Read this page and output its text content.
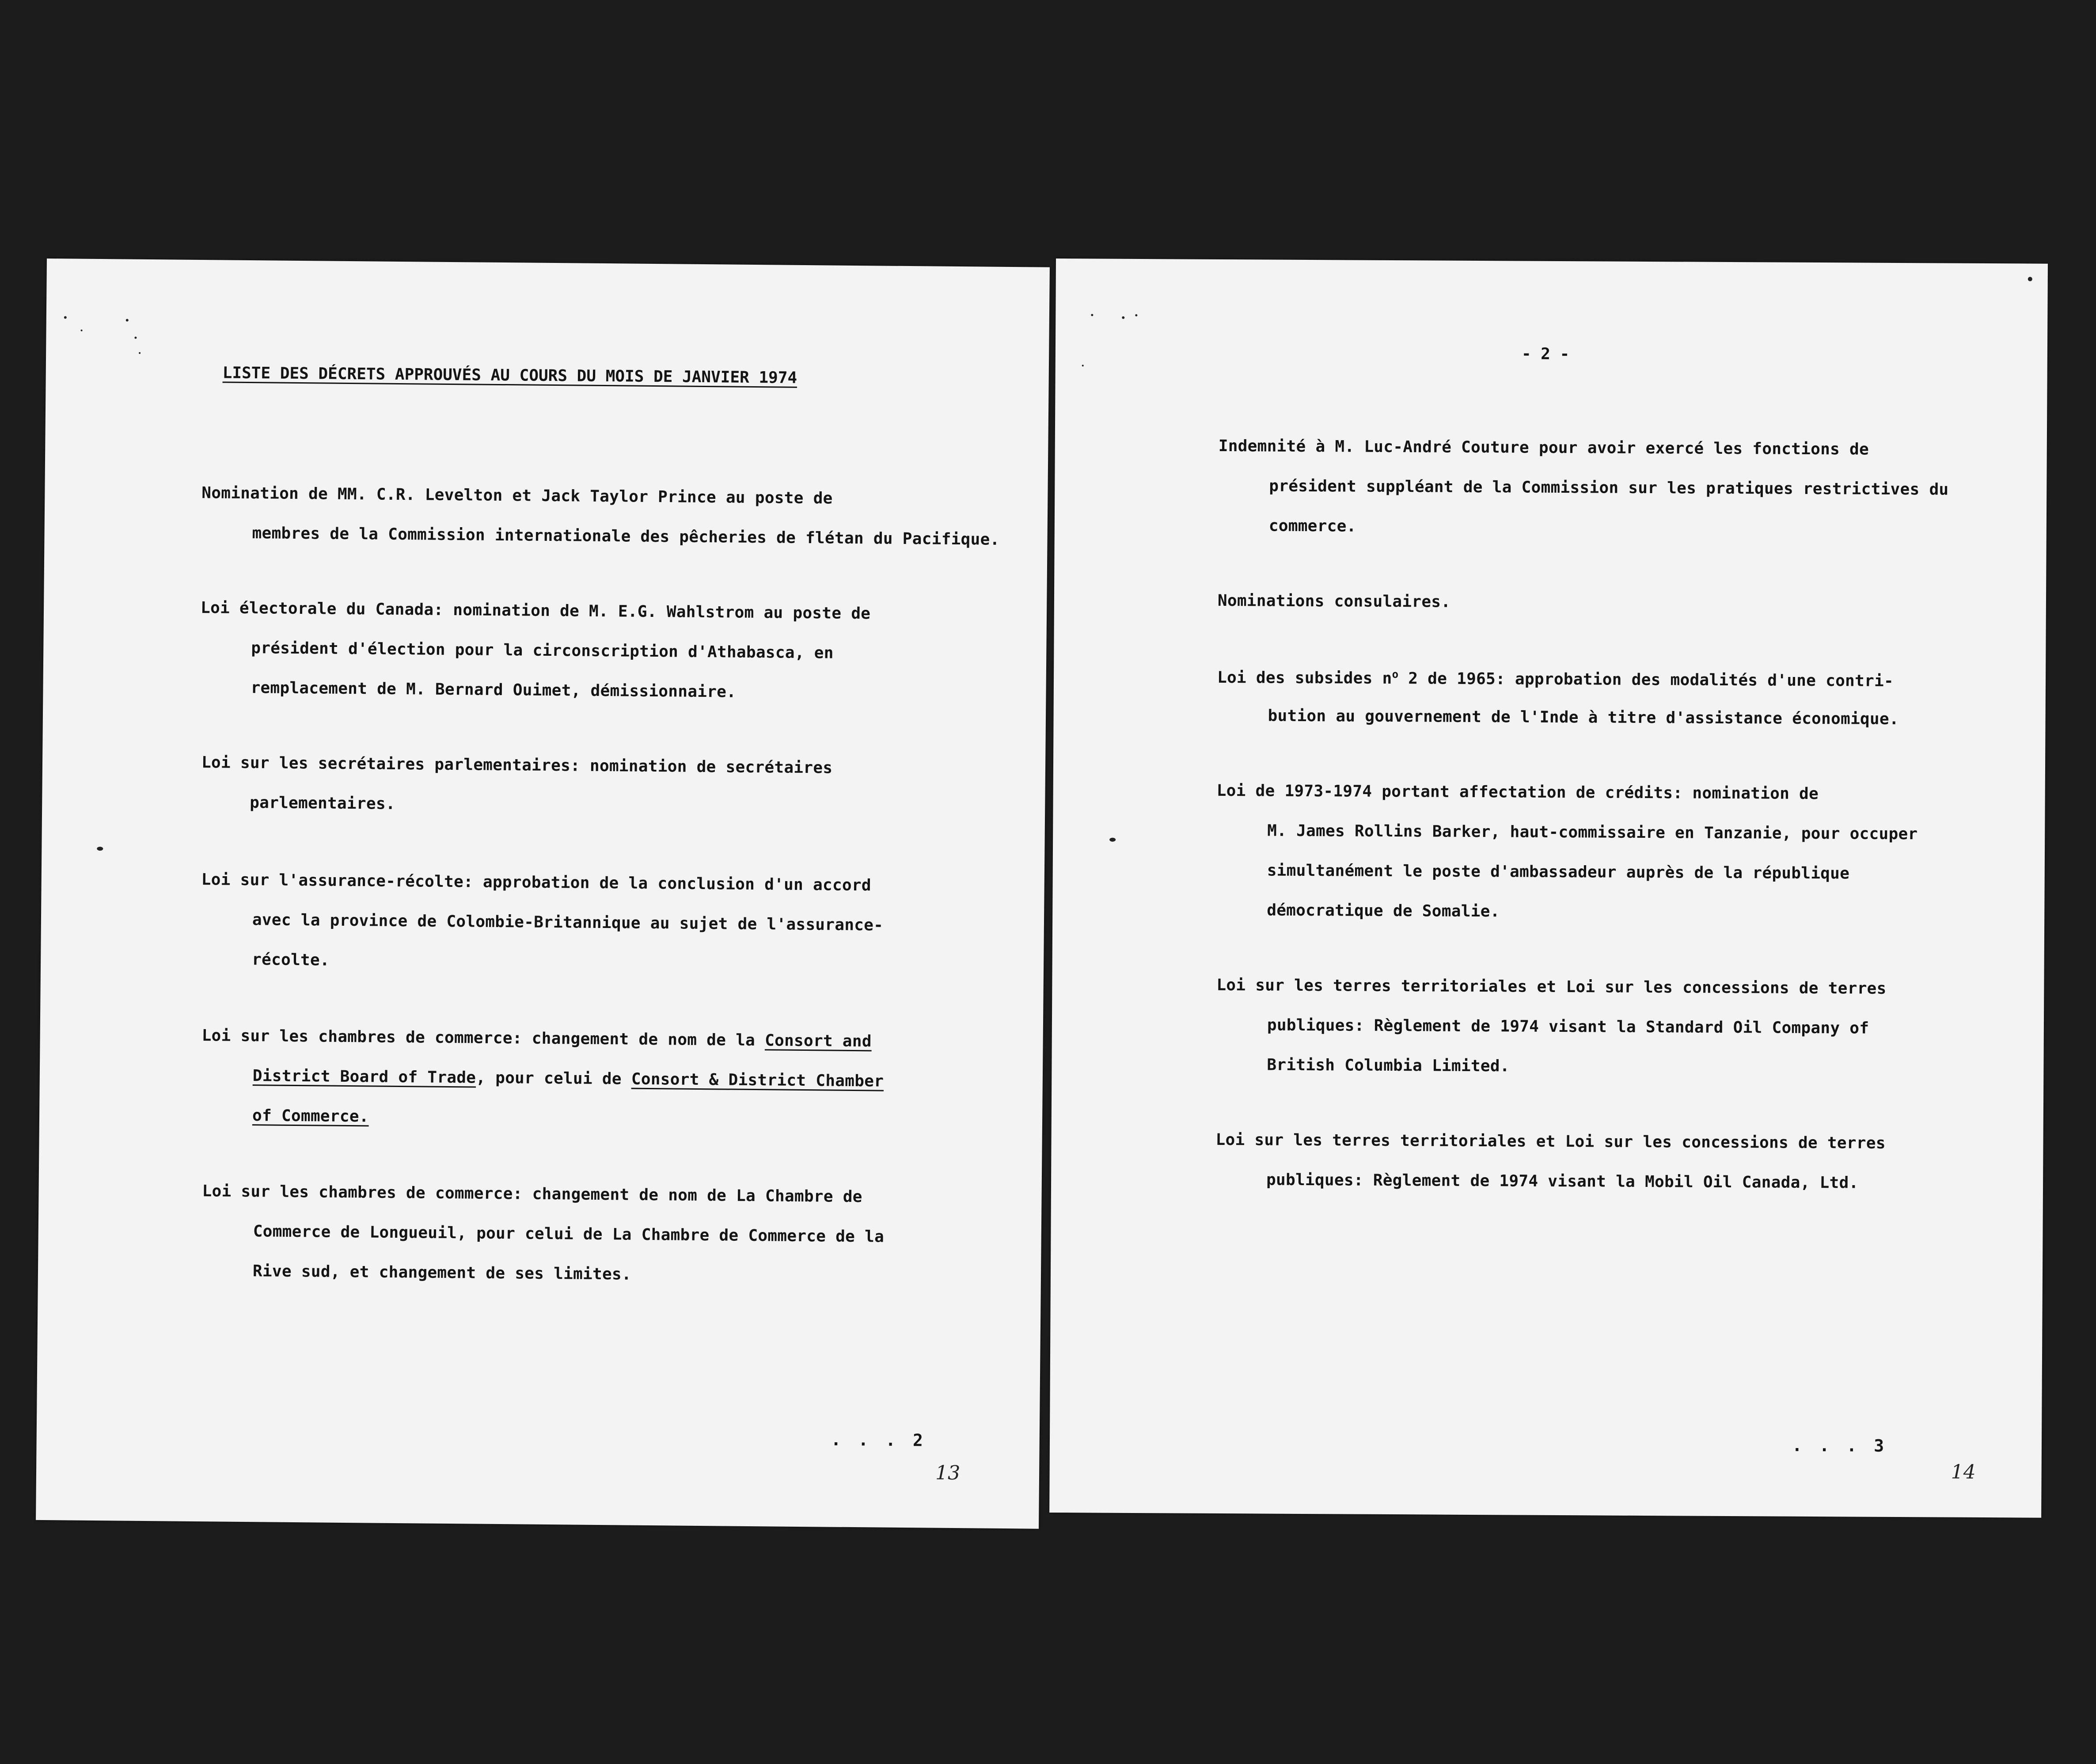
LISTE DES DÉCRETS APPROUVÉS AU COURS DU MOIS DE JANVIER 1974
Nomination de MM. C.R. Levelton et Jack Taylor Prince au poste de
membres de la Commission internationale des pêcheries de flétan du Pacifique.
Loi électorale du Canada: nomination de M. E.G. Wahlstrom au poste de
président d'élection pour la circonscription d'Athabasca, en
remplacement de M. Bernard Ouimet, démissionnaire.
Loi sur les secrétaires parlementaires: nomination de secrétaires
parlementaires.
Loi sur l'assurance-récolte: approbation de la conclusion d'un accord
avec la province de Colombie-Britannique au sujet de l'assurance-
récolte.
Loi sur les chambres de commerce: changement de nom de la Consort and
District Board of Trade, pour celui de Consort & District Chamber
of Commerce.
Loi sur les chambres de commerce: changement de nom de La Chambre de
Commerce de Longueuil, pour celui de La Chambre de Commerce de la
Rive sud, et changement de ses limites.
. . . 2
13
- 2 -
Indemnité à M. Luc-André Couture pour avoir exercé les fonctions de
président suppléant de la Commission sur les pratiques restrictives du
commerce.
Nominations consulaires.
Loi des subsides $n^o$ 2 de 1965: approbation des modalités d'une contri-
bution au gouvernement de l'Inde à titre d'assistance économique.
Loi de 1973-1974 portant affectation de crédits: nomination de
M. James Rollins Barker, haut-commissaire en Tanzanie, pour occuper
simultanément le poste d'ambassadeur auprès de la république
démocratique de Somalie.
Loi sur les terres territoriales et Loi sur les concessions de terres
publiques: Règlement de 1974 visant la Standard Oil Company of
British Columbia Limited.
Loi sur les terres territoriales et Loi sur les concessions de terres
publiques: Règlement de 1974 visant la Mobil Oil Canada, Ltd.
. . . 3
14
